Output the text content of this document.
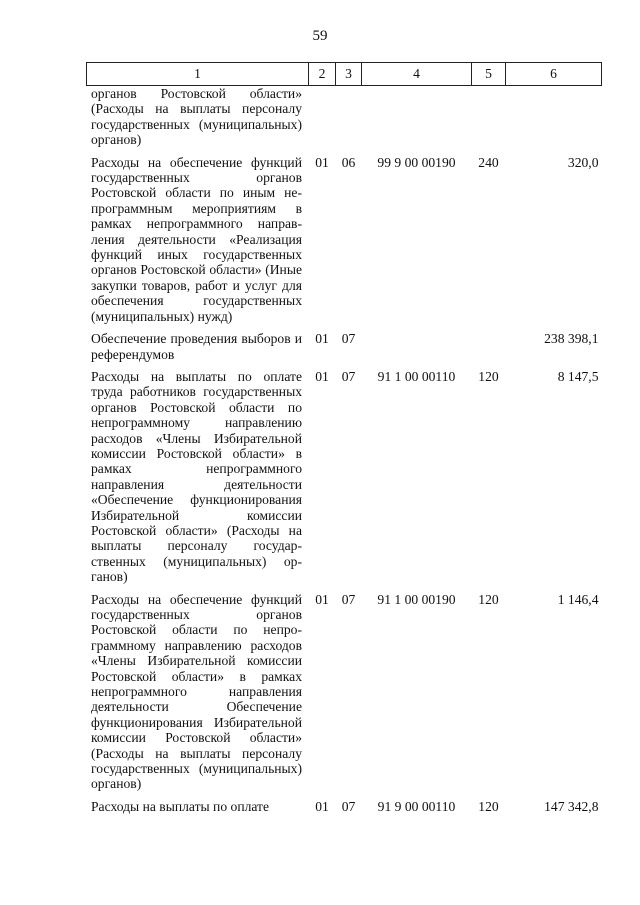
59
1	2	3	4	5	6
органов Ростовской области» (Расходы на выплаты персоналу государственных (муниципальных) органов)					
Расходы на обеспечение функций государственных органов Ростовской области по иным непрограммным мероприятиям в рамках непрограммного направления деятельности «Реализация функций иных государственных органов Ростовской области» (Иные закупки товаров, работ и услуг для обеспечения государственных (муниципальных) нужд)	01	06	99 9 00 00190	240	320,0
Обеспечение проведения выборов и референдумов	01	07			238 398,1
Расходы на выплаты по оплате труда работников государственных органов Ростовской области по непрограммному направлению расходов «Члены Избирательной комиссии Ростовской области» в рамках непрограммного направления деятельности «Обеспечение функционирования Избирательной комиссии Ростовской области» (Расходы на выплаты персоналу государственных (муниципальных) органов)	01	07	91 1 00 00110	120	8 147,5
Расходы на обеспечение функций государственных органов Ростовской области по непрограммному направлению расходов «Члены Избирательной комиссии Ростовской области» в рамках непрограммного направления деятельности Обеспечение функционирования Избирательной комиссии Ростовской области» (Расходы на выплаты персоналу государственных (муниципальных) органов)	01	07	91 1 00 00190	120	1 146,4
Расходы на выплаты по оплате	01	07	91 9 00 00110	120	147 342,8
